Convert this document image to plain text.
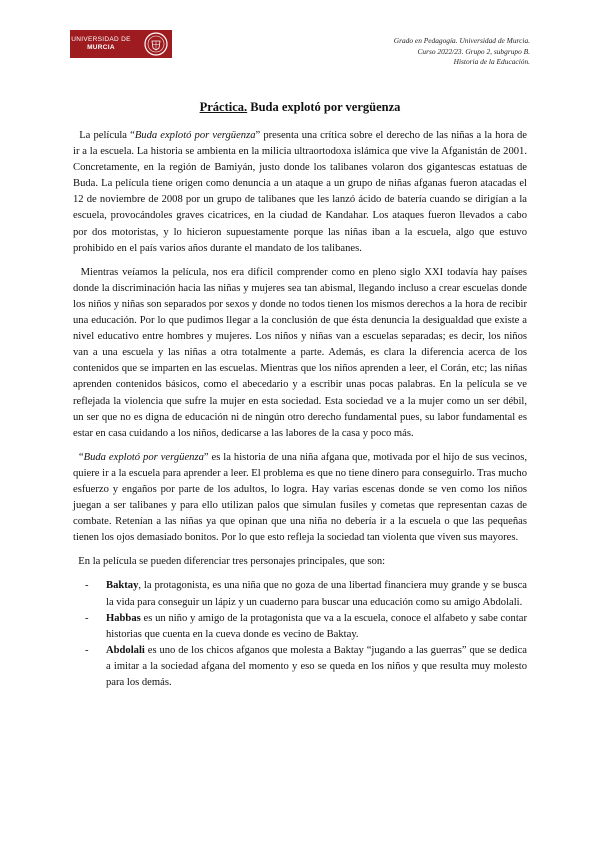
UNIVERSIDAD DE
MURCIA
Grado en Pedagogía. Universidad de Murcia.
Curso 2022/23. Grupo 2, subgrupo B.
Historia de la Educación.
Práctica. Buda explotó por vergüenza

La película “Buda explotó por vergüenza” presenta una crítica sobre el derecho de las niñas a la hora de ir a la escuela. La historia se ambienta en la milicia ultraortodoxa islámica que vive la Afganistán de 2001. Concretamente, en la región de Bamiyán, justo donde los talibanes volaron dos gigantescas estatuas de Buda. La película tiene origen como denuncia a un ataque a un grupo de niñas afganas fueron atacadas el 12 de noviembre de 2008 por un grupo de talibanes que les lanzó ácido de batería cuando se dirigían a la escuela, provocándoles graves cicatrices, en la ciudad de Kandahar. Los ataques fueron llevados a cabo por dos motoristas, y lo hicieron supuestamente porque las niñas iban a la escuela, algo que estuvo prohibido en el país varios años durante el mandato de los talibanes.

Mientras veíamos la película, nos era difícil comprender como en pleno siglo XXI todavía hay países donde la discriminación hacia las niñas y mujeres sea tan abismal, llegando incluso a crear escuelas donde los niños y niñas son separados por sexos y donde no todos tienen los mismos derechos a la hora de recibir una educación. Por lo que pudimos llegar a la conclusión de que ésta denuncia la desigualdad que existe a nivel educativo entre hombres y mujeres. Los niños y niñas van a escuelas separadas; es decir, los niños van a una escuela y las niñas a otra totalmente a parte. Además, es clara la diferencia acerca de los contenidos que se imparten en las escuelas. Mientras que los niños aprenden a leer, el Corán, etc; las niñas aprenden contenidos básicos, como el abecedario y a escribir unas pocas palabras. En la película se ve reflejada la violencia que sufre la mujer en esta sociedad. Esta sociedad ve a la mujer como un ser débil, un ser que no es digna de educación ni de ningún otro derecho fundamental pues, su labor fundamental es estar en casa cuidando a los niños, dedicarse a las labores de la casa y poco más.

“Buda explotó por vergüenza” es la historia de una niña afgana que, motivada por el hijo de sus vecinos, quiere ir a la escuela para aprender a leer. El problema es que no tiene dinero para conseguirlo. Tras mucho esfuerzo y engaños por parte de los adultos, lo logra. Hay varias escenas donde se ven como los niños juegan a ser talibanes y para ello utilizan palos que simulan fusiles y cometas que representan cazas de combate. Retenían a las niñas ya que opinan que una niña no debería ir a la escuela o que las pequeñas tienen los ojos demasiado bonitos. Por lo que esto refleja la sociedad tan violenta que viven sus mayores.

En la película se pueden diferenciar tres personajes principales, que son:

- Baktay, la protagonista, es una niña que no goza de una libertad financiera muy grande y se busca la vida para conseguir un lápiz y un cuaderno para buscar una educación como su amigo Abdolali.
- Habbas es un niño y amigo de la protagonista que va a la escuela, conoce el alfabeto y sabe contar historias que cuenta en la cueva donde es vecino de Baktay.
- Abdolali es uno de los chicos afganos que molesta a Baktay “jugando a las guerras” que se dedica a imitar a la sociedad afgana del momento y eso se queda en los niños y que resulta muy molesto para los demás.
